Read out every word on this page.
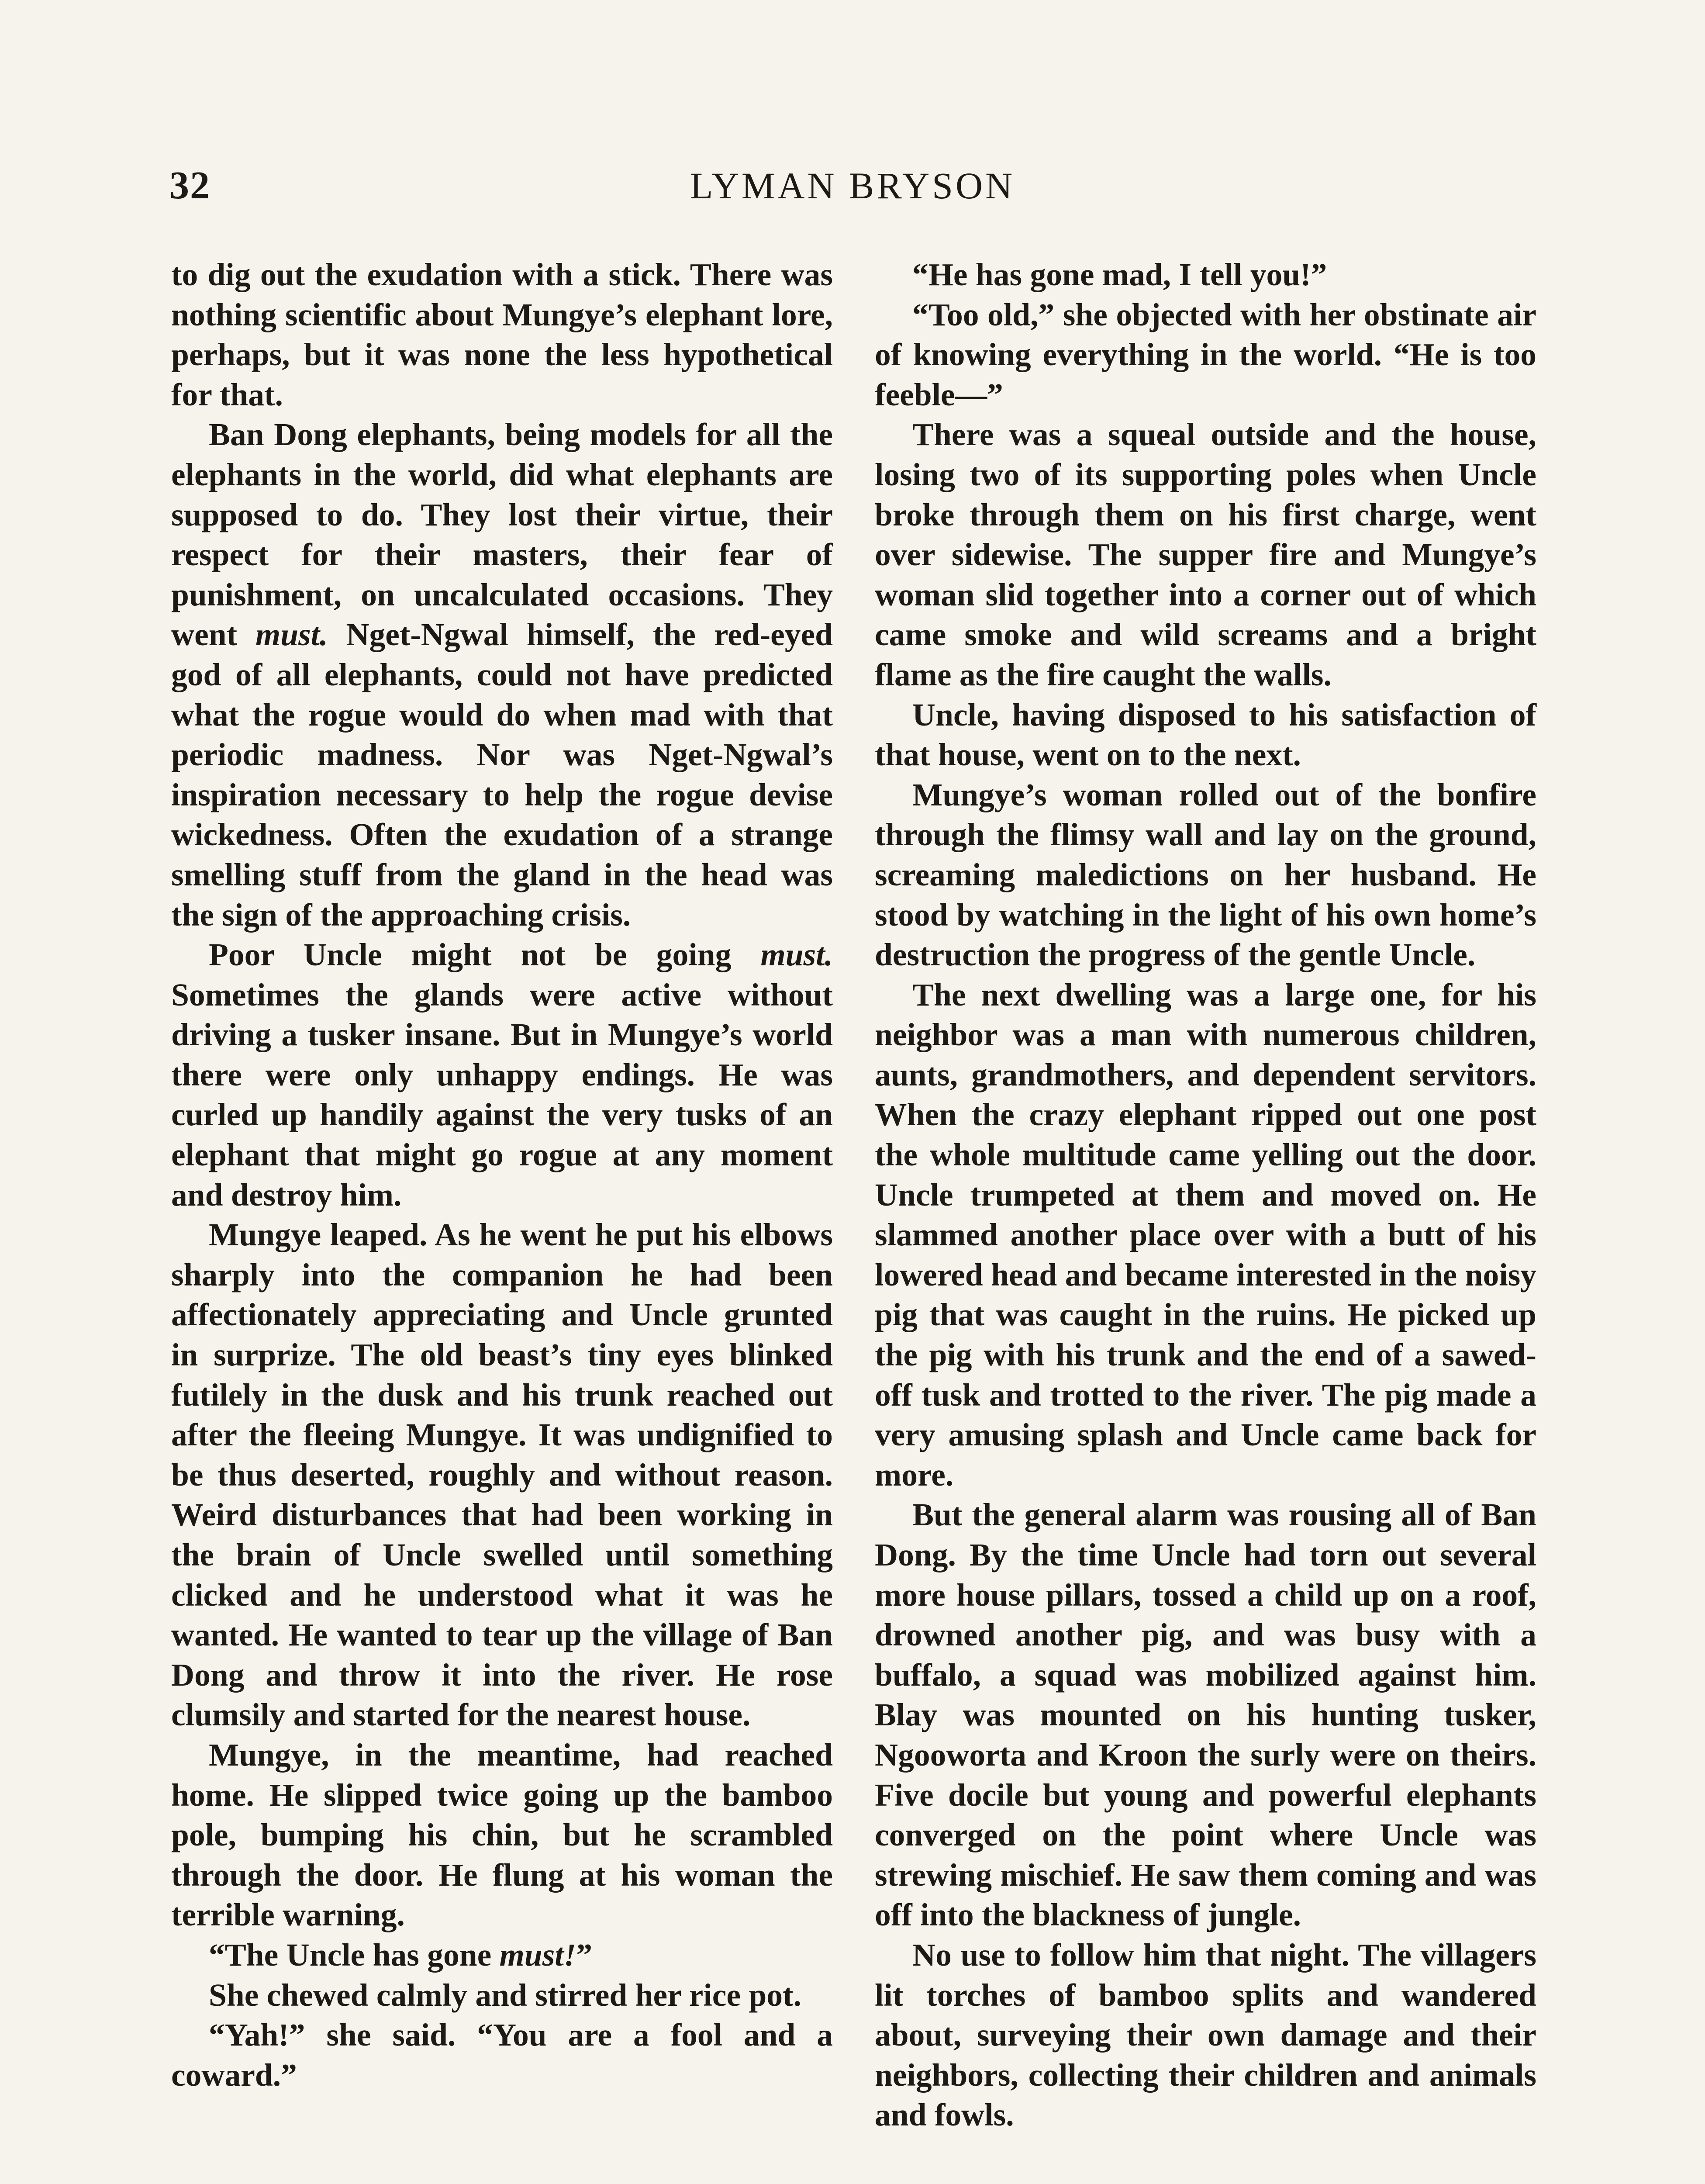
32	LYMAN BRYSON

to dig out the exudation with a stick. There was nothing scientific about Mungye’s elephant lore, perhaps, but it was none the less hypothetical for that.

Ban Dong elephants, being models for all the elephants in the world, did what elephants are supposed to do. They lost their virtue, their respect for their masters, their fear of punishment, on uncalculated occasions. They went must. Nget-Ngwal himself, the red-eyed god of all elephants, could not have predicted what the rogue would do when mad with that periodic madness. Nor was Nget-Ngwal’s inspiration necessary to help the rogue devise wickedness. Often the exudation of a strange smelling stuff from the gland in the head was the sign of the approaching crisis.

Poor Uncle might not be going must. Sometimes the glands were active without driving a tusker insane. But in Mungye’s world there were only unhappy endings. He was curled up handily against the very tusks of an elephant that might go rogue at any moment and destroy him.

Mungye leaped. As he went he put his elbows sharply into the companion he had been affectionately appreciating and Uncle grunted in surprize. The old beast’s tiny eyes blinked futilely in the dusk and his trunk reached out after the fleeing Mungye. It was undignified to be thus deserted, roughly and without reason. Weird disturbances that had been working in the brain of Uncle swelled until something clicked and he understood what it was he wanted. He wanted to tear up the village of Ban Dong and throw it into the river. He rose clumsily and started for the nearest house.

Mungye, in the meantime, had reached home. He slipped twice going up the bamboo pole, bumping his chin, but he scrambled through the door. He flung at his woman the terrible warning.

“The Uncle has gone must!”

She chewed calmly and stirred her rice pot.

“Yah!” she said. “You are a fool and a coward.”

“He has gone mad, I tell you!”

“Too old,” she objected with her obstinate air of knowing everything in the world. “He is too feeble—”

There was a squeal outside and the house, losing two of its supporting poles when Uncle broke through them on his first charge, went over sidewise. The supper fire and Mungye’s woman slid together into a corner out of which came smoke and wild screams and a bright flame as the fire caught the walls.

Uncle, having disposed to his satisfaction of that house, went on to the next.

Mungye’s woman rolled out of the bonfire through the flimsy wall and lay on the ground, screaming maledictions on her husband. He stood by watching in the light of his own home’s destruction the progress of the gentle Uncle.

The next dwelling was a large one, for his neighbor was a man with numerous children, aunts, grandmothers, and dependent servitors. When the crazy elephant ripped out one post the whole multitude came yelling out the door. Uncle trumpeted at them and moved on. He slammed another place over with a butt of his lowered head and became interested in the noisy pig that was caught in the ruins. He picked up the pig with his trunk and the end of a sawed-off tusk and trotted to the river. The pig made a very amusing splash and Uncle came back for more.

But the general alarm was rousing all of Ban Dong. By the time Uncle had torn out several more house pillars, tossed a child up on a roof, drowned another pig, and was busy with a buffalo, a squad was mobilized against him. Blay was mounted on his hunting tusker, Ngooworta and Kroon the surly were on theirs. Five docile but young and powerful elephants converged on the point where Uncle was strewing mischief. He saw them coming and was off into the blackness of jungle.

No use to follow him that night. The villagers lit torches of bamboo splits and wandered about, surveying their own damage and their neighbors, collecting their children and animals and fowls.
